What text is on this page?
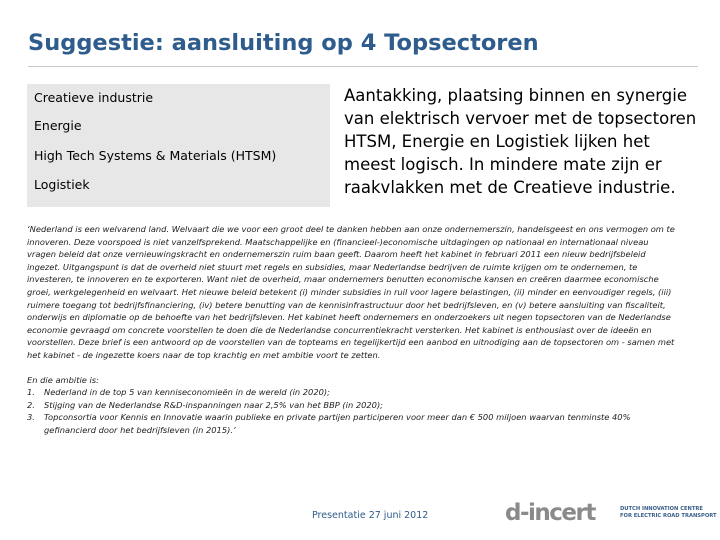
Suggestie: aansluiting op 4 Topsectoren
Creatieve industrie
Energie
High Tech Systems & Materials (HTSM)
Logistiek
Aantakking, plaatsing binnen en synergie
van elektrisch vervoer met de topsectoren
HTSM, Energie en Logistiek lijken het
meest logisch. In mindere mate zijn er
raakvlakken met de Creatieve industrie.

‘Nederland is een welvarend land. Welvaart die we voor een groot deel te danken hebben aan onze ondernemerszin, handelsgeest en ons vermogen om te
innoveren. Deze voorspoed is niet vanzelfsprekend. Maatschappelijke en (financieel-)economische uitdagingen op nationaal en internationaal niveau
vragen beleid dat onze vernieuwingskracht en ondernemerszin ruim baan geeft. Daarom heeft het kabinet in februari 2011 een nieuw bedrijfsbeleid
ingezet. Uitgangspunt is dat de overheid niet stuurt met regels en subsidies, maar Nederlandse bedrijven de ruimte krijgen om te ondernemen, te
investeren, te innoveren en te exporteren. Want niet de overheid, maar ondernemers benutten economische kansen en creëren daarmee economische
groei, werkgelegenheid en welvaart. Het nieuwe beleid betekent (i) minder subsidies in ruil voor lagere belastingen, (ii) minder en eenvoudiger regels, (iii)
ruimere toegang tot bedrijfsfinanciering, (iv) betere benutting van de kennisinfrastructuur door het bedrijfsleven, en (v) betere aansluiting van fiscaliteit,
onderwijs en diplomatie op de behoefte van het bedrijfsleven. Het kabinet heeft ondernemers en onderzoekers uit negen topsectoren van de Nederlandse
economie gevraagd om concrete voorstellen te doen die de Nederlandse concurrentiekracht versterken. Het kabinet is enthousiast over de ideeën en
voorstellen. Deze brief is een antwoord op de voorstellen van de topteams en tegelijkertijd een aanbod en uitnodiging aan de topsectoren om - samen met
het kabinet - de ingezette koers naar de top krachtig en met ambitie voort te zetten.

En die ambitie is:

1. Nederland in de top 5 van kenniseconomieën in de wereld (in 2020);
2. Stijging van de Nederlandse R&D-inspanningen naar 2,5% van het BBP (in 2020);
3. Topconsortia voor Kennis en Innovatie waarin publieke en private partijen participeren voor meer dan € 500 miljoen waarvan tenminste 40%
gefinancierd door het bedrijfsleven (in 2015).’
Presentatie 27 juni 2012	d-incert	DUTCH INNOVATION CENTRE
FOR ELECTRIC ROAD TRANSPORT
